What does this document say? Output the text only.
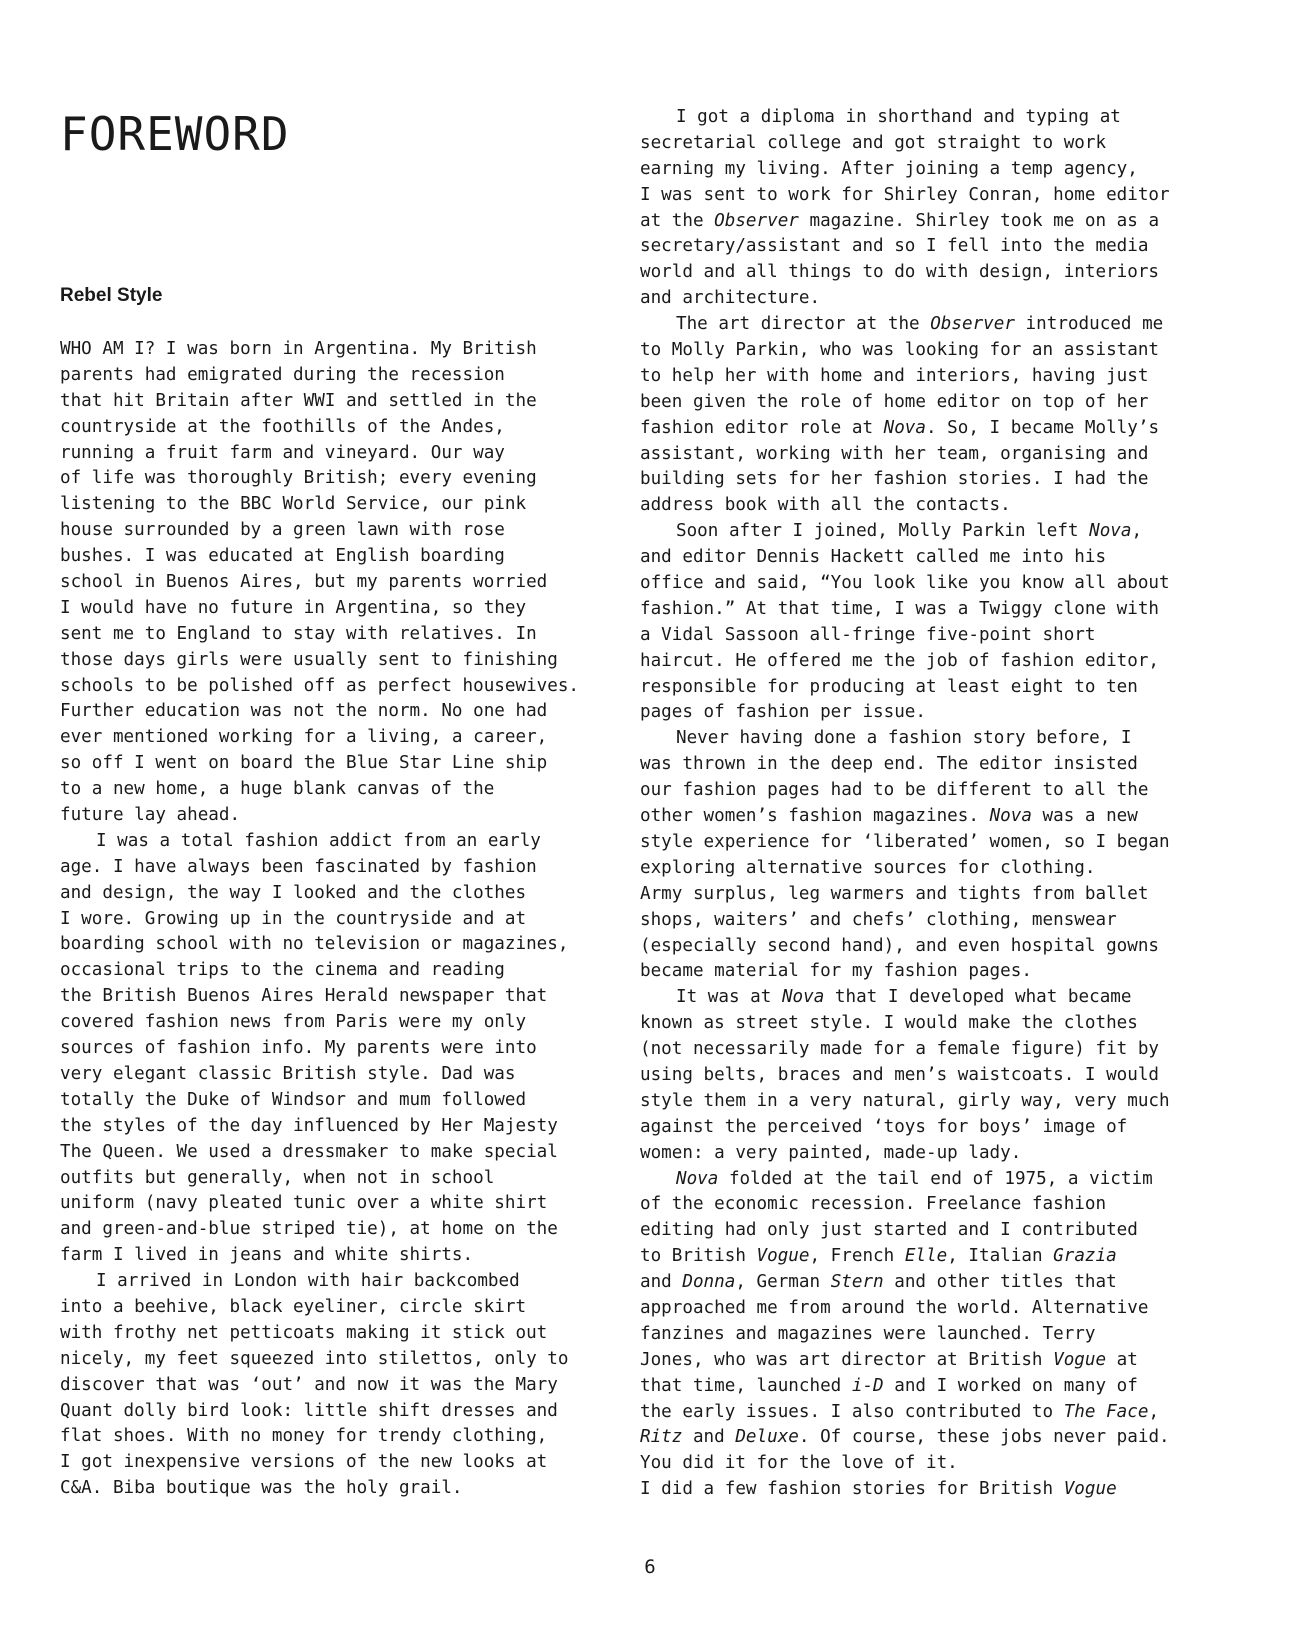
FOREWORD
Rebel Style
WHO AM I? I was born in Argentina. My British
parents had emigrated during the recession
that hit Britain after WWI and settled in the
countryside at the foothills of the Andes,
running a fruit farm and vineyard. Our way
of life was thoroughly British; every evening
listening to the BBC World Service, our pink
house surrounded by a green lawn with rose
bushes. I was educated at English boarding
school in Buenos Aires, but my parents worried
I would have no future in Argentina, so they
sent me to England to stay with relatives. In
those days girls were usually sent to finishing
schools to be polished off as perfect housewives.
Further education was not the norm. No one had
ever mentioned working for a living, a career,
so off I went on board the Blue Star Line ship
to a new home, a huge blank canvas of the
future lay ahead.
I was a total fashion addict from an early
age. I have always been fascinated by fashion
and design, the way I looked and the clothes
I wore. Growing up in the countryside and at
boarding school with no television or magazines,
occasional trips to the cinema and reading
the British Buenos Aires Herald newspaper that
covered fashion news from Paris were my only
sources of fashion info. My parents were into
very elegant classic British style. Dad was
totally the Duke of Windsor and mum followed
the styles of the day influenced by Her Majesty
The Queen. We used a dressmaker to make special
outfits but generally, when not in school
uniform (navy pleated tunic over a white shirt
and green-and-blue striped tie), at home on the
farm I lived in jeans and white shirts.
I arrived in London with hair backcombed
into a beehive, black eyeliner, circle skirt
with frothy net petticoats making it stick out
nicely, my feet squeezed into stilettos, only to
discover that was ‘out’ and now it was the Mary
Quant dolly bird look: little shift dresses and
flat shoes. With no money for trendy clothing,
I got inexpensive versions of the new looks at
C&A. Biba boutique was the holy grail.
I got a diploma in shorthand and typing at
secretarial college and got straight to work
earning my living. After joining a temp agency,
I was sent to work for Shirley Conran, home editor
at the Observer magazine. Shirley took me on as a
secretary/assistant and so I fell into the media
world and all things to do with design, interiors
and architecture.
The art director at the Observer introduced me
to Molly Parkin, who was looking for an assistant
to help her with home and interiors, having just
been given the role of home editor on top of her
fashion editor role at Nova. So, I became Molly’s
assistant, working with her team, organising and
building sets for her fashion stories. I had the
address book with all the contacts.
Soon after I joined, Molly Parkin left Nova,
and editor Dennis Hackett called me into his
office and said, “You look like you know all about
fashion.” At that time, I was a Twiggy clone with
a Vidal Sassoon all-fringe five-point short
haircut. He offered me the job of fashion editor,
responsible for producing at least eight to ten
pages of fashion per issue.
Never having done a fashion story before, I
was thrown in the deep end. The editor insisted
our fashion pages had to be different to all the
other women’s fashion magazines. Nova was a new
style experience for ‘liberated’ women, so I began
exploring alternative sources for clothing.
Army surplus, leg warmers and tights from ballet
shops, waiters’ and chefs’ clothing, menswear
(especially second hand), and even hospital gowns
became material for my fashion pages.
It was at Nova that I developed what became
known as street style. I would make the clothes
(not necessarily made for a female figure) fit by
using belts, braces and men’s waistcoats. I would
style them in a very natural, girly way, very much
against the perceived ‘toys for boys’ image of
women: a very painted, made-up lady.
Nova folded at the tail end of 1975, a victim
of the economic recession. Freelance fashion
editing had only just started and I contributed
to British Vogue, French Elle, Italian Grazia
and Donna, German Stern and other titles that
approached me from around the world. Alternative
fanzines and magazines were launched. Terry
Jones, who was art director at British Vogue at
that time, launched i-D and I worked on many of
the early issues. I also contributed to The Face,
Ritz and Deluxe. Of course, these jobs never paid.
You did it for the love of it.
I did a few fashion stories for British Vogue
6
